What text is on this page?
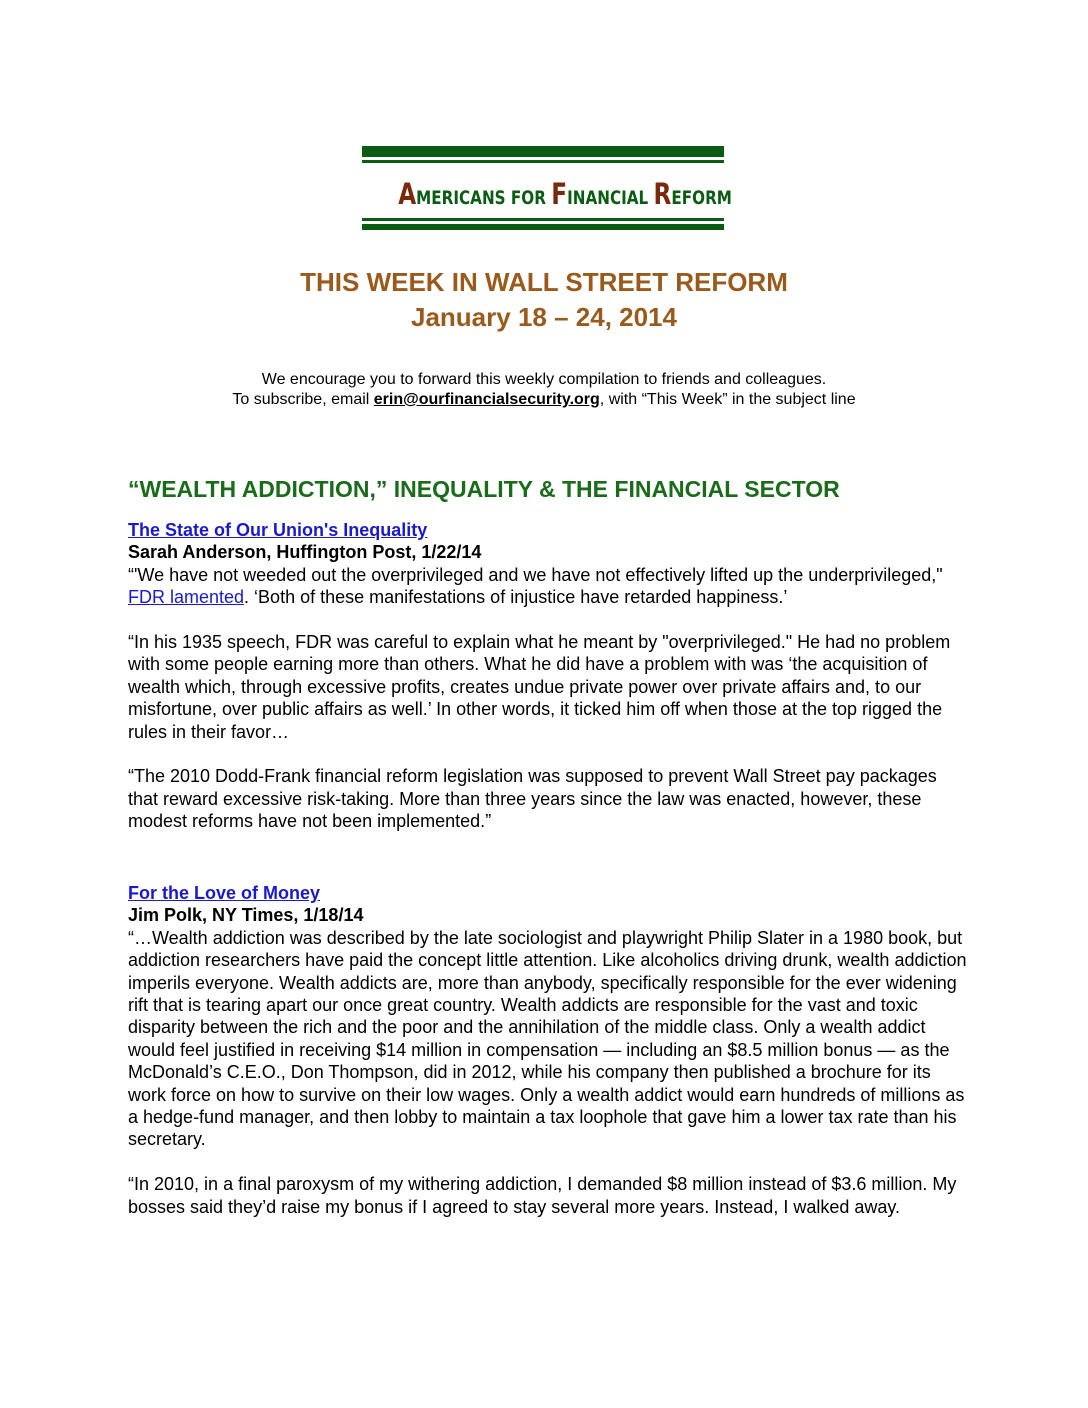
AMERICANS FOR FINANCIAL REFORM
THIS WEEK IN WALL STREET REFORM
January 18 – 24, 2014
We encourage you to forward this weekly compilation to friends and colleagues.
To subscribe, email erin@ourfinancialsecurity.org, with “This Week” in the subject line
“WEALTH ADDICTION,” INEQUALITY & THE FINANCIAL SECTOR
The State of Our Union's Inequality
Sarah Anderson, Huffington Post, 1/22/14

“'We have not weeded out the overprivileged and we have not effectively lifted up the underprivileged," FDR lamented. ‘Both of these manifestations of injustice have retarded happiness.’

“In his 1935 speech, FDR was careful to explain what he meant by "overprivileged." He had no problem with some people earning more than others. What he did have a problem with was ‘the acquisition of wealth which, through excessive profits, creates undue private power over private affairs and, to our misfortune, over public affairs as well.’ In other words, it ticked him off when those at the top rigged the rules in their favor…

“The 2010 Dodd-Frank financial reform legislation was supposed to prevent Wall Street pay packages that reward excessive risk-taking. More than three years since the law was enacted, however, these modest reforms have not been implemented.”

For the Love of Money
Jim Polk, NY Times, 1/18/14

“…Wealth addiction was described by the late sociologist and playwright Philip Slater in a 1980 book, but addiction researchers have paid the concept little attention. Like alcoholics driving drunk, wealth addiction imperils everyone. Wealth addicts are, more than anybody, specifically responsible for the ever widening rift that is tearing apart our once great country. Wealth addicts are responsible for the vast and toxic disparity between the rich and the poor and the annihilation of the middle class. Only a wealth addict would feel justified in receiving $14 million in compensation — including an $8.5 million bonus — as the McDonald’s C.E.O., Don Thompson, did in 2012, while his company then published a brochure for its work force on how to survive on their low wages. Only a wealth addict would earn hundreds of millions as a hedge-fund manager, and then lobby to maintain a tax loophole that gave him a lower tax rate than his secretary.

“In 2010, in a final paroxysm of my withering addiction, I demanded $8 million instead of $3.6 million. My bosses said they’d raise my bonus if I agreed to stay several more years. Instead, I walked away.
